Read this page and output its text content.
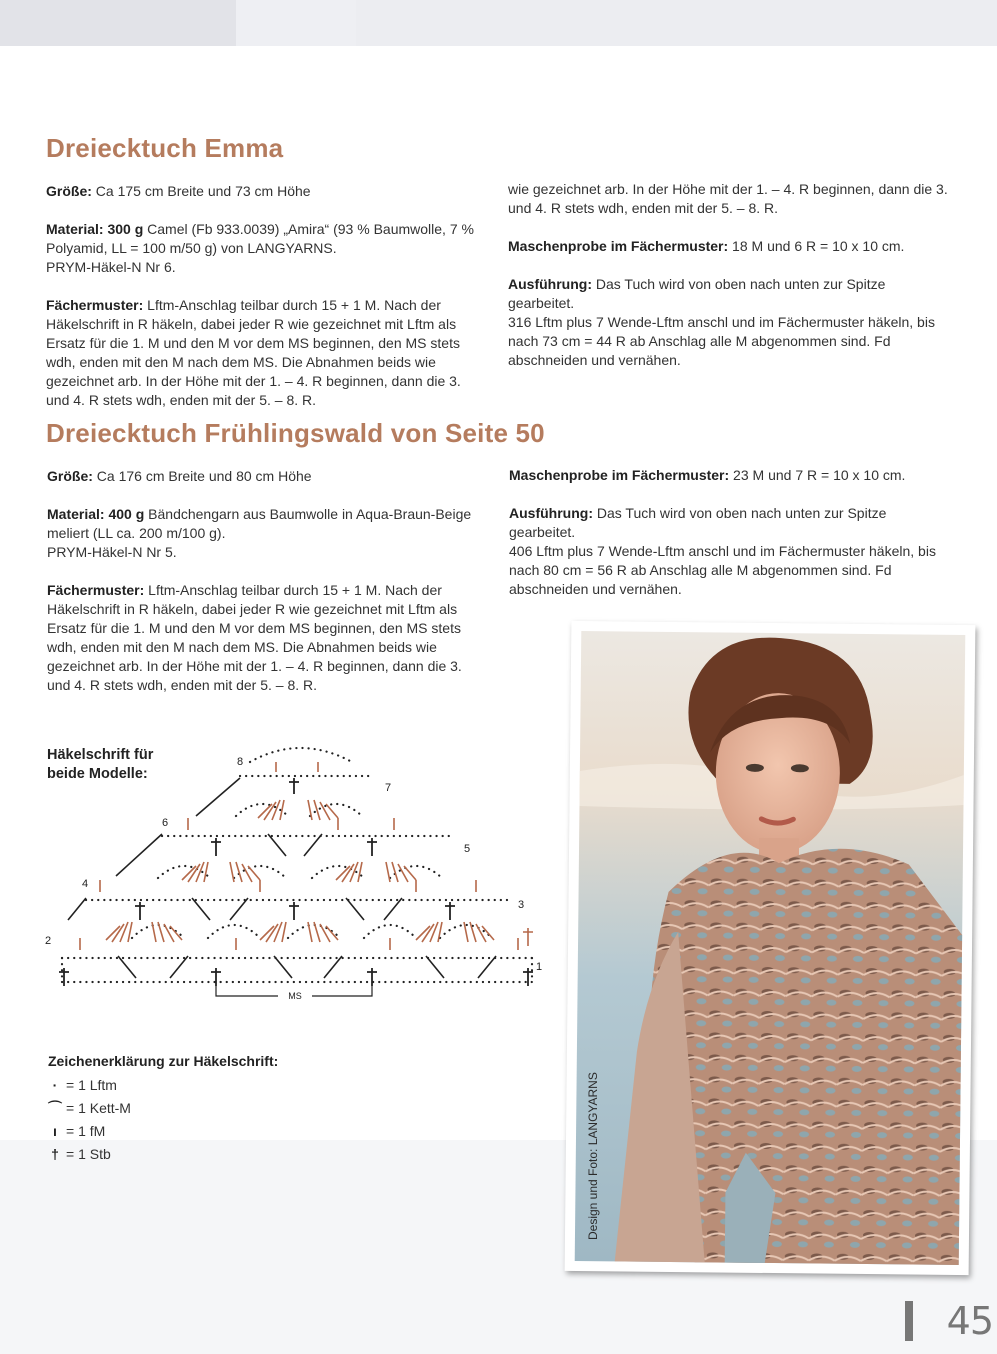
Dreiecktuch Emma

Größe: Ca 175 cm Breite und 73 cm Höhe

Material: 300 g Camel (Fb 933.0039) „Amira“ (93 % Baumwolle, 7 % Polyamid, LL = 100 m/50 g) von LANGYARNS.
PRYM-Häkel-N Nr 6.

Fächermuster: Lftm-Anschlag teilbar durch 15 + 1 M. Nach der Häkelschrift in R häkeln, dabei jeder R wie gezeichnet mit Lftm als Ersatz für die 1. M und den M vor dem MS beginnen, den MS stets wdh, enden mit den M nach dem MS. Die Abnahmen beids wie gezeichnet arb. In der Höhe mit der 1. – 4. R beginnen, dann die 3. und 4. R stets wdh, enden mit der 5. – 8. R.

wie gezeichnet arb. In der Höhe mit der 1. – 4. R beginnen, dann die 3. und 4. R stets wdh, enden mit der 5. – 8. R.

Maschenprobe im Fächermuster: 18 M und 6 R = 10 x 10 cm.

Ausführung: Das Tuch wird von oben nach unten zur Spitze gearbeitet.
316 Lftm plus 7 Wende-Lftm anschl und im Fächermuster häkeln, bis nach 73 cm = 44 R ab Anschlag alle M abgenommen sind. Fd abschneiden und vernähen.

Dreiecktuch Frühlingswald von Seite 50

Größe: Ca 176 cm Breite und 80 cm Höhe

Material: 400 g Bändchengarn aus Baumwolle in Aqua-Braun-Beige meliert (LL ca. 200 m/100 g).
PRYM-Häkel-N Nr 5.

Fächermuster: Lftm-Anschlag teilbar durch 15 + 1 M. Nach der Häkelschrift in R häkeln, dabei jeder R wie gezeichnet mit Lftm als Ersatz für die 1. M und den M vor dem MS beginnen, den MS stets wdh, enden mit den M nach dem MS. Die Abnahmen beids wie gezeichnet arb. In der Höhe mit der 1. – 4. R beginnen, dann die 3. und 4. R stets wdh, enden mit der 5. – 8. R.

Maschenprobe im Fächermuster: 23 M und 7 R = 10 x 10 cm.

Ausführung: Das Tuch wird von oben nach unten zur Spitze gearbeitet.
406 Lftm plus 7 Wende-Lftm anschl und im Fächermuster häkeln, bis nach 80 cm = 56 R ab Anschlag alle M abgenommen sind. Fd abschneiden und vernähen.

Häkelschrift für
beide Modelle:
1
2
3
4
5
6
7
8
MS
Zeichenerklärung zur Häkelschrift:
· = 1 Lftm
⌒ = 1 Kett-M
ı = 1 fM
† = 1 Stb	Design und Foto: LANGYARNS
45
